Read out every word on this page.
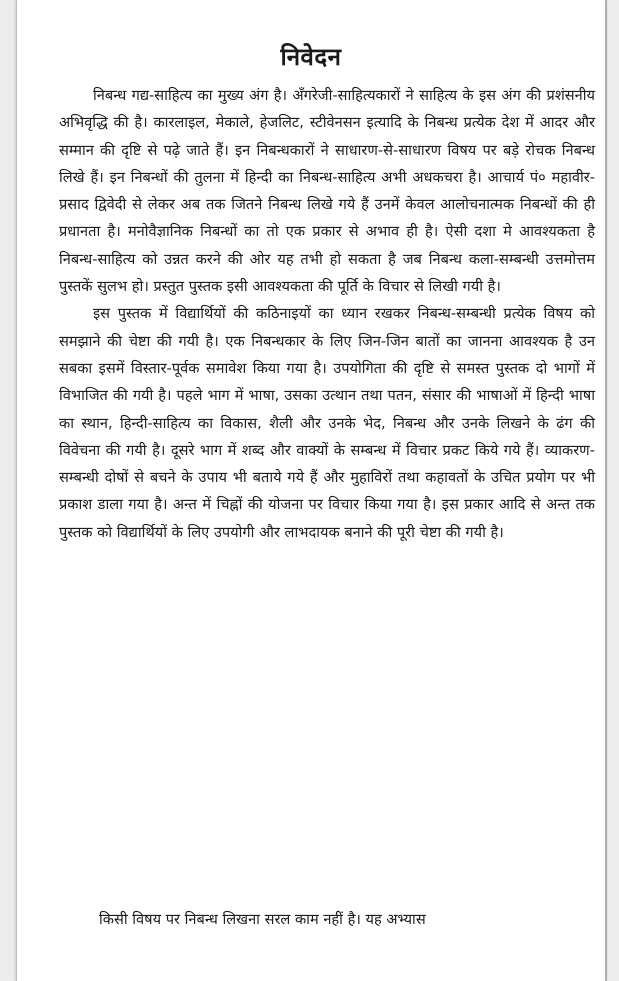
निवेदन

निबन्ध गद्य-साहित्य का मुख्य अंग है। अँगरेजी-साहित्यकारों ने साहित्य के इस अंग की प्रशंसनीय अभिवृद्धि की है। कारलाइल, मेकाले, हेजलिट, स्टीवेनसन इत्यादि के निबन्ध प्रत्येक देश में आदर और सम्मान की दृष्टि से पढ़े जाते हैं। इन निबन्धकारों ने साधारण-से-साधारण विषय पर बड़े रोचक निबन्ध लिखे हैं। इन निबन्धों की तुलना में हिन्दी का निबन्ध-साहित्य अभी अधकचरा है। आचार्य पं० महावीर-प्रसाद द्विवेदी से लेकर अब तक जितने निबन्ध लिखे गये हैं उनमें केवल आलोचनात्मक निबन्धों की ही प्रधानता है। मनोवैज्ञानिक निबन्धों का तो एक प्रकार से अभाव ही है। ऐसी दशा मे आवश्यकता है निबन्ध-साहित्य को उन्नत करने की ओर यह तभी हो सकता है जब निबन्ध कला-सम्बन्धी उत्तमोत्तम पुस्तकें सुलभ हो। प्रस्तुत पुस्तक इसी आवश्यकता की पूर्ति के विचार से लिखी गयी है।

इस पुस्तक में विद्यार्थियों की कठिनाइयों का ध्यान रखकर निबन्ध-सम्बन्धी प्रत्येक विषय को समझाने की चेष्टा की गयी है। एक निबन्धकार के लिए जिन-जिन बातों का जानना आवश्यक है उन सबका इसमें विस्तार-पूर्वक समावेश किया गया है। उपयोगिता की दृष्टि से समस्त पुस्तक दो भागों में विभाजित की गयी है। पहले भाग में भाषा, उसका उत्थान तथा पतन, संसार की भाषाओं में हिन्दी भाषा का स्थान, हिन्दी-साहित्य का विकास, शैली और उनके भेद, निबन्ध और उनके लिखने के ढंग की विवेचना की गयी है। दूसरे भाग में शब्द और वाक्यों के सम्बन्ध में विचार प्रकट किये गये हैं। व्याकरण-सम्बन्धी दोषों से बचने के उपाय भी बताये गये हैं और मुहाविरों तथा कहावतों के उचित प्रयोग पर भी प्रकाश डाला गया है। अन्त में चिह्नों की योजना पर विचार किया गया है। इस प्रकार आदि से अन्त तक पुस्तक को विद्यार्थियों के लिए उपयोगी और लाभदायक बनाने की पूरी चेष्टा की गयी है।

किसी विषय पर निबन्ध लिखना सरल काम नहीं है। यह अभ्यास
